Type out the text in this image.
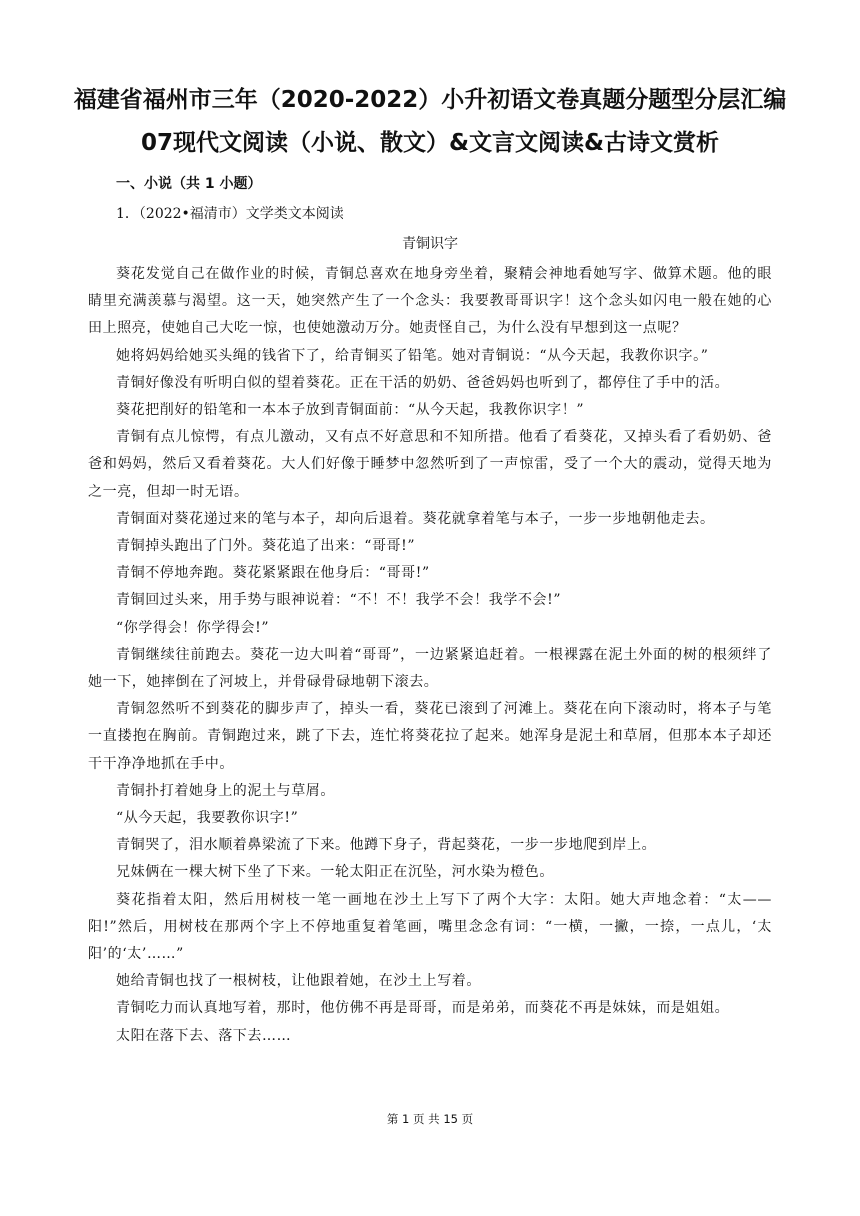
福建省福州市三年（2020-2022）小升初语文卷真题分题型分层汇编
07现代文阅读（小说、散文）&文言文阅读&古诗文赏析
一、小说（共 1 小题）
1．（2022•福清市）文学类文本阅读
青铜识字

葵花发觉自己在做作业的时候，青铜总喜欢在地身旁坐着，聚精会神地看她写字、做算术题。他的眼睛里充满羡慕与渴望。这一天，她突然产生了一个念头：我要教哥哥识字！这个念头如闪电一般在她的心田上照亮，使她自己大吃一惊，也使她激动万分。她责怪自己，为什么没有早想到这一点呢？

她将妈妈给她买头绳的钱省下了，给青铜买了铅笔。她对青铜说：“从今天起，我教你识字。”

青铜好像没有听明白似的望着葵花。正在干活的奶奶、爸爸妈妈也听到了，都停住了手中的活。

葵花把削好的铅笔和一本本子放到青铜面前：“从今天起，我教你识字！”

青铜有点儿惊愕，有点儿激动，又有点不好意思和不知所措。他看了看葵花，又掉头看了看奶奶、爸爸和妈妈，然后又看着葵花。大人们好像于睡梦中忽然听到了一声惊雷，受了一个大的震动，觉得天地为之一亮，但却一时无语。

青铜面对葵花递过来的笔与本子，却向后退着。葵花就拿着笔与本子，一步一步地朝他走去。

青铜掉头跑出了门外。葵花追了出来：“哥哥!”

青铜不停地奔跑。葵花紧紧跟在他身后：“哥哥!”

青铜回过头来，用手势与眼神说着：“不！不！我学不会！我学不会!”

“你学得会！你学得会!”

青铜继续往前跑去。葵花一边大叫着“哥哥”，一边紧紧追赶着。一根裸露在泥土外面的树的根须绊了她一下，她摔倒在了河坡上，并骨碌骨碌地朝下滚去。

青铜忽然听不到葵花的脚步声了，掉头一看，葵花已滚到了河滩上。葵花在向下滚动时，将本子与笔一直搂抱在胸前。青铜跑过来，跳了下去，连忙将葵花拉了起来。她浑身是泥土和草屑，但那本本子却还干干净净地抓在手中。

青铜扑打着她身上的泥土与草屑。

“从今天起，我要教你识字!”

青铜哭了，泪水顺着鼻梁流了下来。他蹲下身子，背起葵花，一步一步地爬到岸上。

兄妹俩在一棵大树下坐了下来。一轮太阳正在沉坠，河水染为橙色。

葵花指着太阳，然后用树枝一笔一画地在沙土上写下了两个大字：太阳。她大声地念着：“太——阳!”然后，用树枝在那两个字上不停地重复着笔画，嘴里念念有词：“一横，一撇，一捺，一点儿，‘太阳’的‘太’……”

她给青铜也找了一根树枝，让他跟着她，在沙土上写着。

青铜吃力而认真地写着，那时，他仿佛不再是哥哥，而是弟弟，而葵花不再是妹妹，而是姐姐。

太阳在落下去、落下去……

第 1 页 共 15 页
